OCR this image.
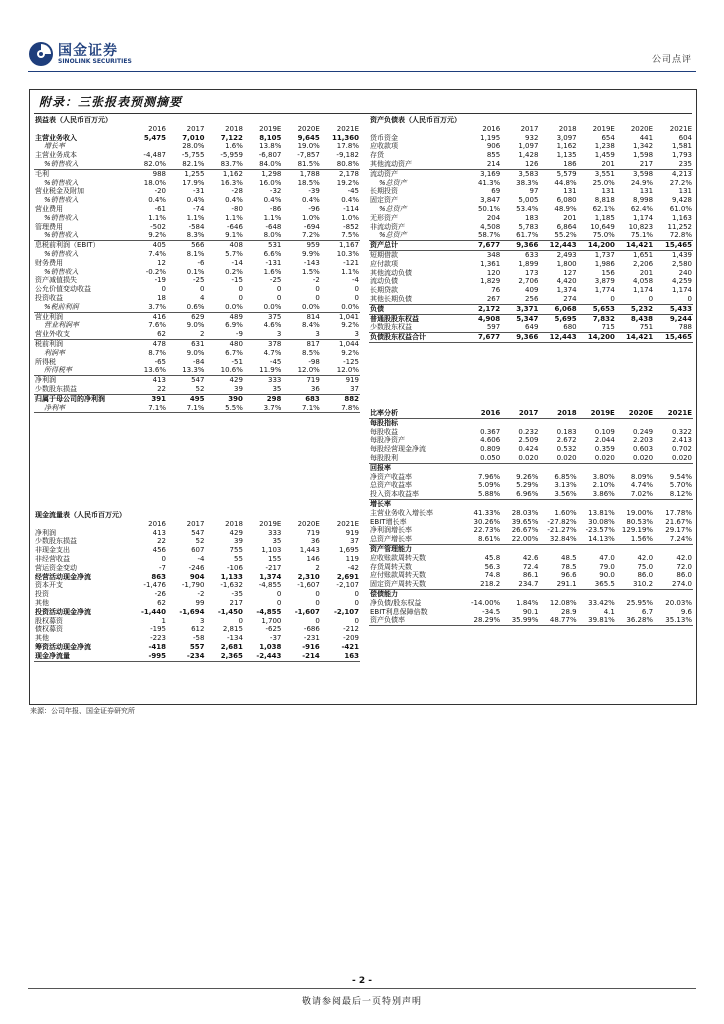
国金证券
SINOLINK SECURITIES	公司点评
附录：三张报表预测摘要
损益表（人民币百万元）						
	2016	2017	2018	2019E	2020E	2021E
主营业务收入	5,475	7,010	7,122	8,105	9,645	11,360
增长率		28.0%	1.6%	13.8%	19.0%	17.8%
主营业务成本	-4,487	-5,755	-5,959	-6,807	-7,857	-9,182
%销售收入	82.0%	82.1%	83.7%	84.0%	81.5%	80.8%
毛利	988	1,255	1,162	1,298	1,788	2,178
%销售收入	18.0%	17.9%	16.3%	16.0%	18.5%	19.2%
营业税金及附加	-20	-31	-28	-32	-39	-45
%销售收入	0.4%	0.4%	0.4%	0.4%	0.4%	0.4%
营业费用	-61	-74	-80	-86	-96	-114
%销售收入	1.1%	1.1%	1.1%	1.1%	1.0%	1.0%
管理费用	-502	-584	-646	-648	-694	-852
%销售收入	9.2%	8.3%	9.1%	8.0%	7.2%	7.5%
息税前利润（EBIT）	405	566	408	531	959	1,167
%销售收入	7.4%	8.1%	5.7%	6.6%	9.9%	10.3%
财务费用	12	-6	-14	-131	-143	-121
%销售收入	-0.2%	0.1%	0.2%	1.6%	1.5%	1.1%
资产减值损失	-19	-25	-15	-25	-2	-4
公允价值变动收益	0	0	0	0	0	0
投资收益	18	4	0	0	0	0
%税前利润	3.7%	0.6%	0.0%	0.0%	0.0%	0.0%
营业利润	416	629	489	375	814	1,041
营业利润率	7.6%	9.0%	6.9%	4.6%	8.4%	9.2%
营业外收支	62	2	-9	3	3	3
税前利润	478	631	480	378	817	1,044
利润率	8.7%	9.0%	6.7%	4.7%	8.5%	9.2%
所得税	-65	-84	-51	-45	-98	-125
所得税率	13.6%	13.3%	10.6%	11.9%	12.0%	12.0%
净利润	413	547	429	333	719	919
少数股东损益	22	52	39	35	36	37
归属于母公司的净利润	391	495	390	298	683	882
净利率	7.1%	7.1%	5.5%	3.7%	7.1%	7.8%
现金流量表（人民币百万元）						
	2016	2017	2018	2019E	2020E	2021E
净利润	413	547	429	333	719	919
少数股东损益	22	52	39	35	36	37
非现金支出	456	607	755	1,103	1,443	1,695
非经营收益	0	-4	55	155	146	119
营运资金变动	-7	-246	-106	-217	2	-42
经营活动现金净流	863	904	1,133	1,374	2,310	2,691
资本开支	-1,476	-1,790	-1,632	-4,855	-1,607	-2,107
投资	-26	-2	-35	0	0	0
其他	62	99	217	0	0	0
投资活动现金净流	-1,440	-1,694	-1,450	-4,855	-1,607	-2,107
股权募资	1	3	0	1,700	0	0
债权募资	-195	612	2,815	-625	-686	-212
其他	-223	-58	-134	-37	-231	-209
筹资活动现金净流	-418	557	2,681	1,038	-916	-421
现金净流量	-995	-234	2,365	-2,443	-214	163
资产负债表（人民币百万元）						
	2016	2017	2018	2019E	2020E	2021E
货币资金	1,195	932	3,097	654	441	604
应收款项	906	1,097	1,162	1,238	1,342	1,581
存货	855	1,428	1,135	1,459	1,598	1,793
其他流动资产	214	126	186	201	217	235
流动资产	3,169	3,583	5,579	3,551	3,598	4,213
%总资产	41.3%	38.3%	44.8%	25.0%	24.9%	27.2%
长期投资	69	97	131	131	131	131
固定资产	3,847	5,005	6,080	8,818	8,998	9,428
%总资产	50.1%	53.4%	48.9%	62.1%	62.4%	61.0%
无形资产	204	183	201	1,185	1,174	1,163
非流动资产	4,508	5,783	6,864	10,649	10,823	11,252
%总资产	58.7%	61.7%	55.2%	75.0%	75.1%	72.8%
资产总计	7,677	9,366	12,443	14,200	14,421	15,465
短期借款	348	633	2,493	1,737	1,651	1,439
应付款项	1,361	1,899	1,800	1,986	2,206	2,580
其他流动负债	120	173	127	156	201	240
流动负债	1,829	2,706	4,420	3,879	4,058	4,259
长期贷款	76	409	1,374	1,774	1,174	1,174
其他长期负债	267	256	274	0	0	0
负债	2,172	3,371	6,068	5,653	5,232	5,433
普通股股东权益	4,908	5,347	5,695	7,832	8,438	9,244
少数股东权益	597	649	680	715	751	788
负债股东权益合计	7,677	9,366	12,443	14,200	14,421	15,465
比率分析	2016	2017	2018	2019E	2020E	2021E
每股指标						
每股收益	0.367	0.232	0.183	0.109	0.249	0.322
每股净资产	4.606	2.509	2.672	2.044	2.203	2.413
每股经营现金净流	0.809	0.424	0.532	0.359	0.603	0.702
每股股利	0.050	0.020	0.020	0.020	0.020	0.020
回报率						
净资产收益率	7.96%	9.26%	6.85%	3.80%	8.09%	9.54%
总资产收益率	5.09%	5.29%	3.13%	2.10%	4.74%	5.70%
投入资本收益率	5.88%	6.96%	3.56%	3.86%	7.02%	8.12%
增长率						
主营业务收入增长率	41.33%	28.03%	1.60%	13.81%	19.00%	17.78%
EBIT增长率	30.26%	39.65%	-27.82%	30.08%	80.53%	21.67%
净利润增长率	22.73%	26.67%	-21.27%	-23.57%	129.19%	29.17%
总资产增长率	8.61%	22.00%	32.84%	14.13%	1.56%	7.24%
资产管理能力						
应收账款周转天数	45.8	42.6	48.5	47.0	42.0	42.0
存货周转天数	56.3	72.4	78.5	79.0	75.0	72.0
应付账款周转天数	74.8	86.1	96.6	90.0	86.0	86.0
固定资产周转天数	218.2	234.7	291.1	365.5	310.2	274.0
偿债能力						
净负债/股东权益	-14.00%	1.84%	12.08%	33.42%	25.95%	20.03%
EBIT利息保障倍数	-34.5	90.1	28.9	4.1	6.7	9.6
资产负债率	28.29%	35.99%	48.77%	39.81%	36.28%	35.13%
来源：公司年报、国金证券研究所
- 2 -
敬请参阅最后一页特别声明
